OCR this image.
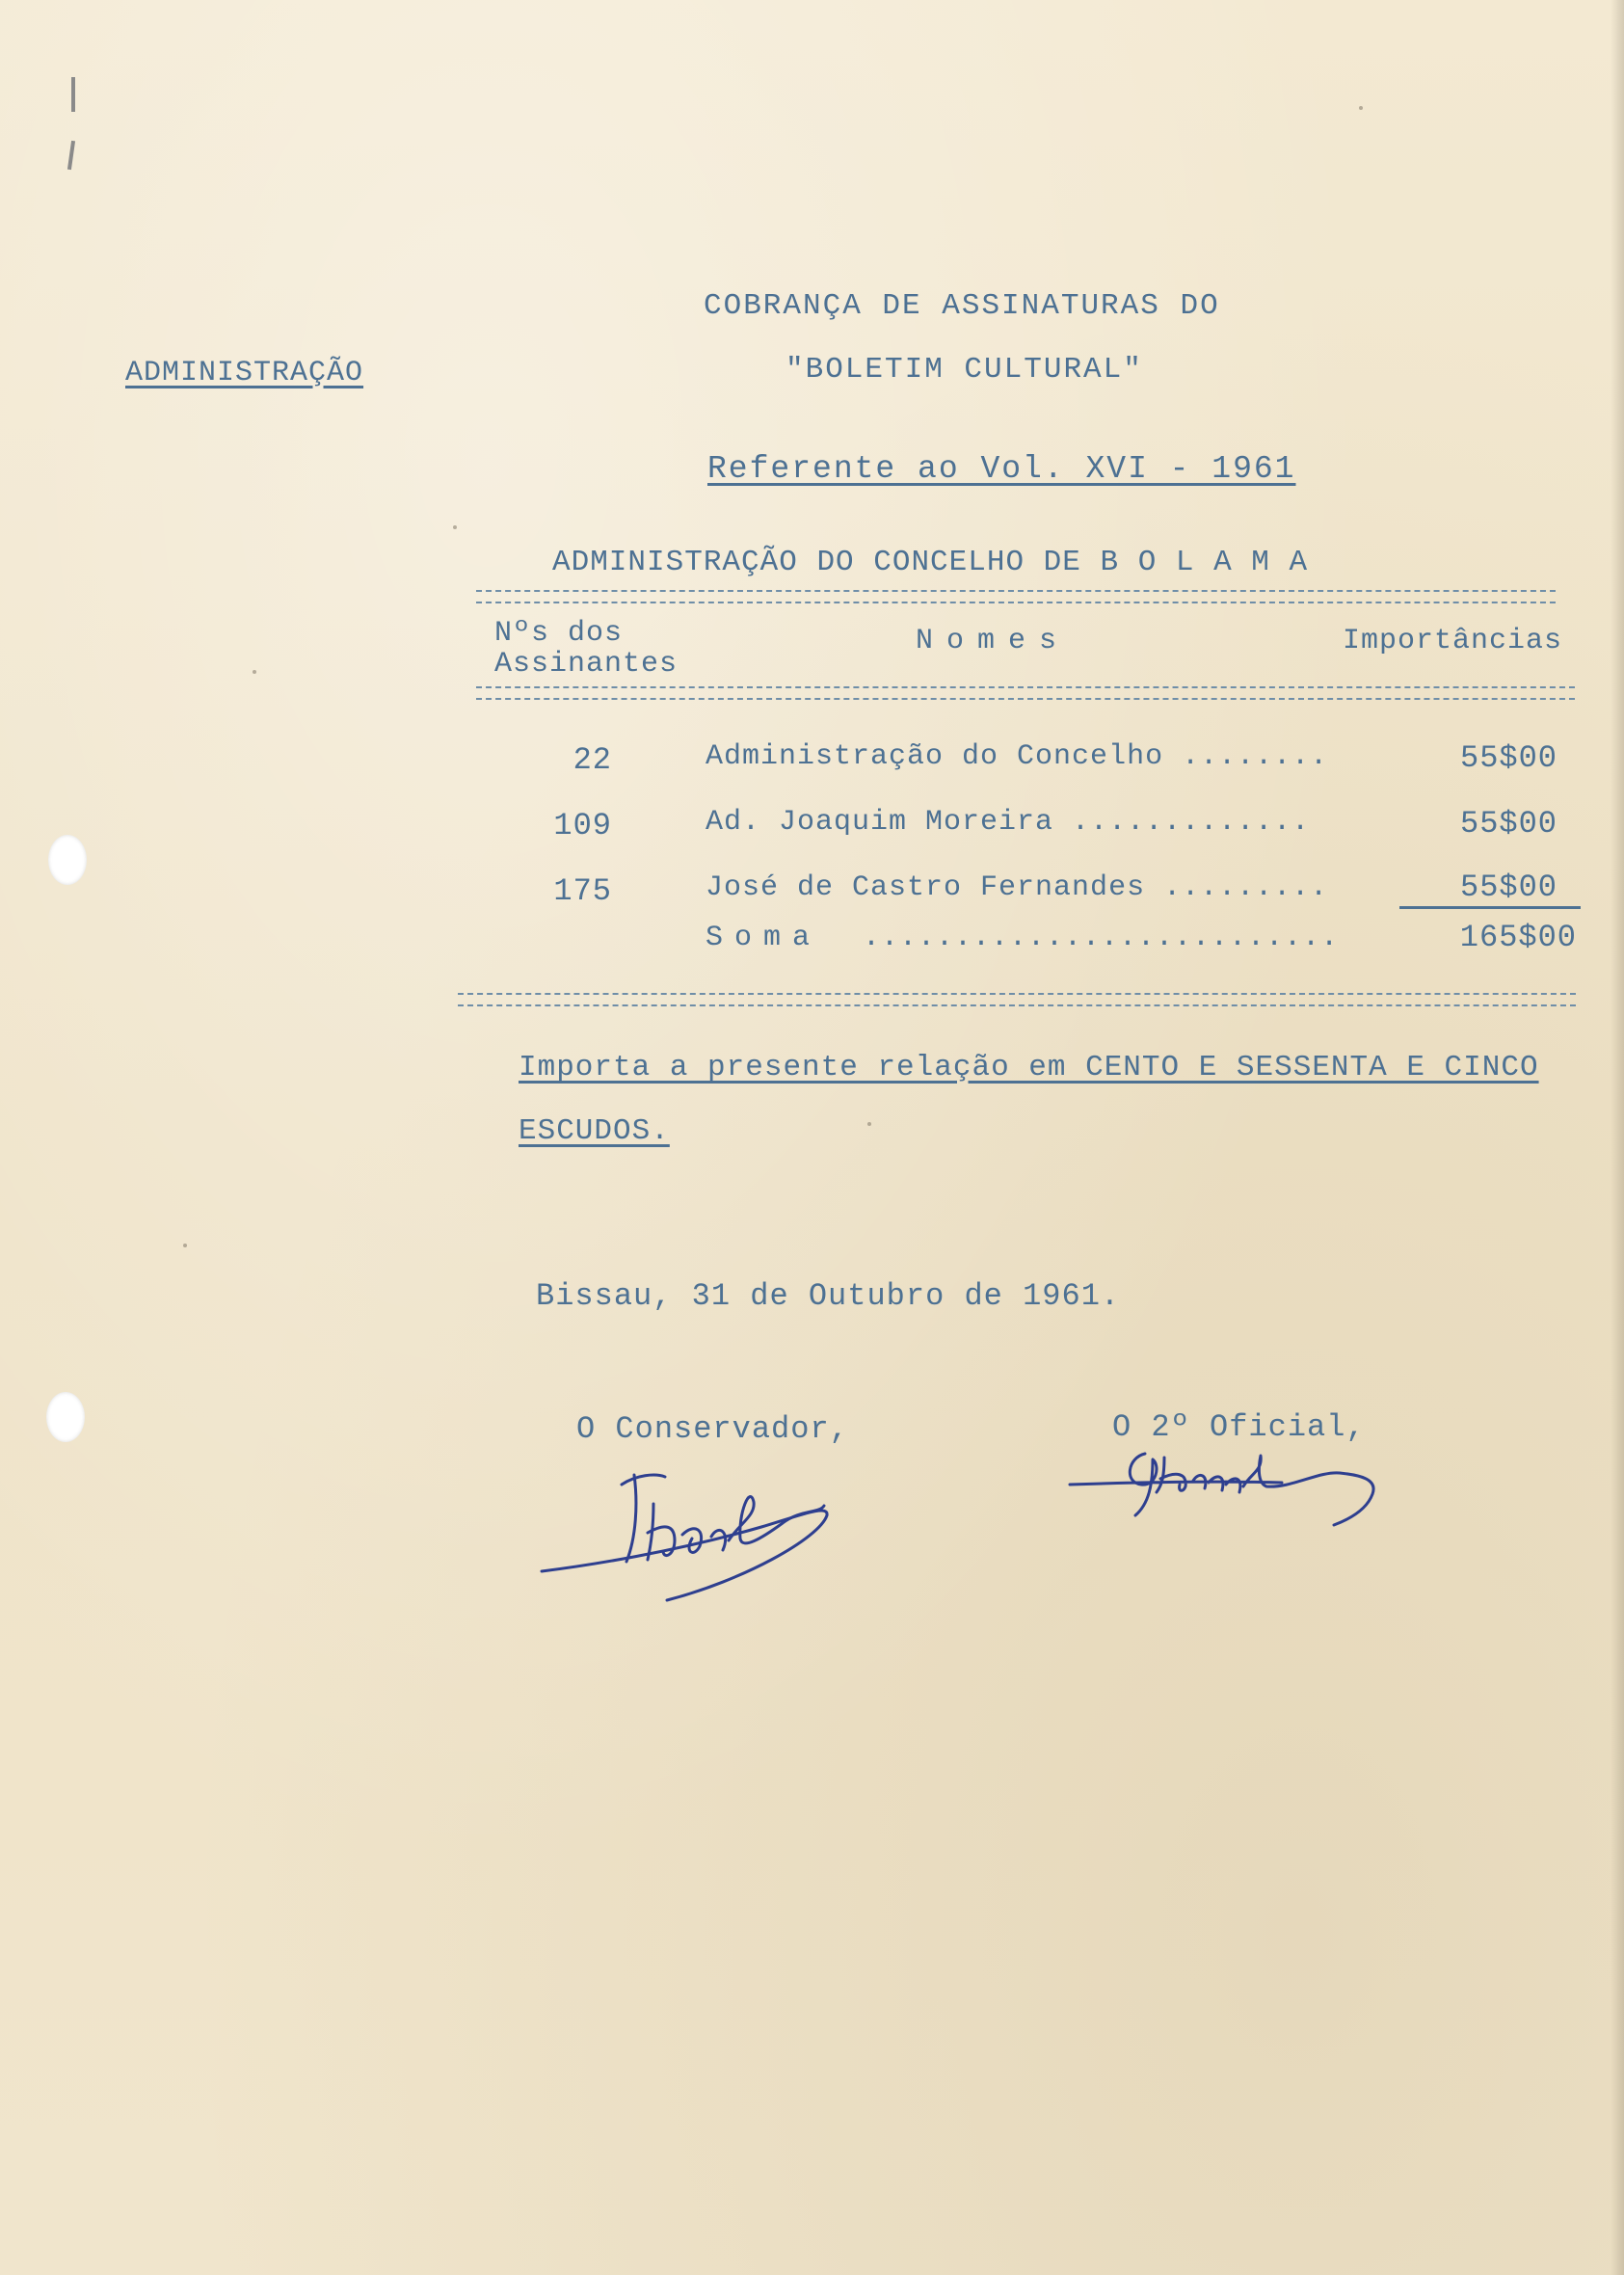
COBRANÇA DE ASSINATURAS DO
"BOLETIM CULTURAL"
ADMINISTRAÇÃO
Referente ao Vol. XVI - 1961
ADMINISTRAÇÃO DO CONCELHO DE B O L A M A
Nºs dos
Assinantes
Nomes	Importâncias
22	Administração do Concelho ........	55$00
109	Ad. Joaquim Moreira .............	55$00
175	José de Castro Fernandes .........	55$00
Soma ..........................	165$00
Importa a presente relação em CENTO E SESSENTA E CINCO
ESCUDOS.
Bissau, 31 de Outubro de 1961.
O Conservador,	O 2º Oficial,
